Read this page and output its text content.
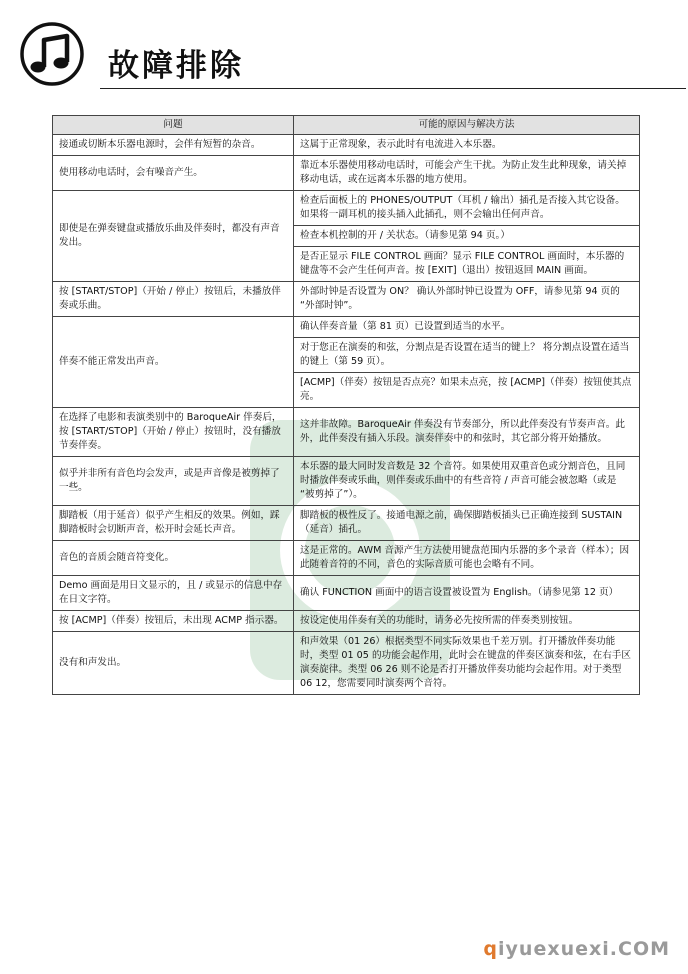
故障排除
问题	可能的原因与解决方法
接通或切断本乐器电源时，会伴有短暂的杂音。	这属于正常现象，表示此时有电流进入本乐器。
使用移动电话时，会有噪音产生。	靠近本乐器使用移动电话时，可能会产生干扰。为防止发生此种现象，请关掉移动电话，或在远离本乐器的地方使用。
即使是在弹奏键盘或播放乐曲及伴奏时，都没有声音发出。	检查后面板上的 PHONES/OUTPUT（耳机 / 输出）插孔是否接入其它设备。如果将一副耳机的接头插入此插孔，则不会输出任何声音。
	检查本机控制的开 / 关状态。（请参见第 94 页。）
	是否正显示 FILE CONTROL 画面？显示 FILE CONTROL 画面时，本乐器的键盘等不会产生任何声音。按 [EXIT]（退出）按钮返回 MAIN 画面。
按 [START/STOP]（开始 / 停止）按钮后，未播放伴奏或乐曲。	外部时钟是否设置为 ON？ 确认外部时钟已设置为 OFF，请参见第 94 页的 “外部时钟”。
伴奏不能正常发出声音。	确认伴奏音量（第 81 页）已设置到适当的水平。
	对于您正在演奏的和弦，分割点是否设置在适当的键上？ 将分割点设置在适当的键上（第 59 页）。
	[ACMP]（伴奏）按钮是否点亮？如果未点亮，按 [ACMP]（伴奏）按钮使其点亮。
在选择了电影和表演类别中的 BaroqueAir 伴奏后，按 [START/STOP]（开始 / 停止）按钮时，没有播放节奏伴奏。	这并非故障。BaroqueAir 伴奏没有节奏部分，所以此伴奏没有节奏声音。此外，此伴奏没有插入乐段。演奏伴奏中的和弦时，其它部分将开始播放。
似乎并非所有音色均会发声，或是声音像是被剪掉了一些。	本乐器的最大同时发音数是 32 个音符。如果使用双重音色或分割音色，且同时播放伴奏或乐曲，则伴奏或乐曲中的有些音符 / 声音可能会被忽略（或是 “被剪掉了”）。
脚踏板（用于延音）似乎产生相反的效果。例如，踩脚踏板时会切断声音，松开时会延长声音。	脚踏板的极性反了。接通电源之前，确保脚踏板插头已正确连接到 SUSTAIN（延音）插孔。
音色的音质会随音符变化。	这是正常的。AWM 音源产生方法使用键盘范围内乐器的多个录音（样本）；因此随着音符的不同，音色的实际音质可能也会略有不同。
Demo 画面是用日文显示的，且 / 或显示的信息中存在日文字符。	确认 FUNCTION 画面中的语言设置被设置为 English。（请参见第 12 页）
按 [ACMP]（伴奏）按钮后，未出现 ACMP 指示器。	按设定使用伴奏有关的功能时，请务必先按所需的伴奏类别按钮。
没有和声发出。	和声效果（01 26）根据类型不同实际效果也千差万别。打开播放伴奏功能时，类型 01 05 的功能会起作用，此时会在键盘的伴奏区演奏和弦，在右手区演奏旋律。类型 06 26 则不论是否打开播放伴奏功能均会起作用。对于类型 06 12，您需要同时演奏两个音符。
qiyuexuexi.COM
